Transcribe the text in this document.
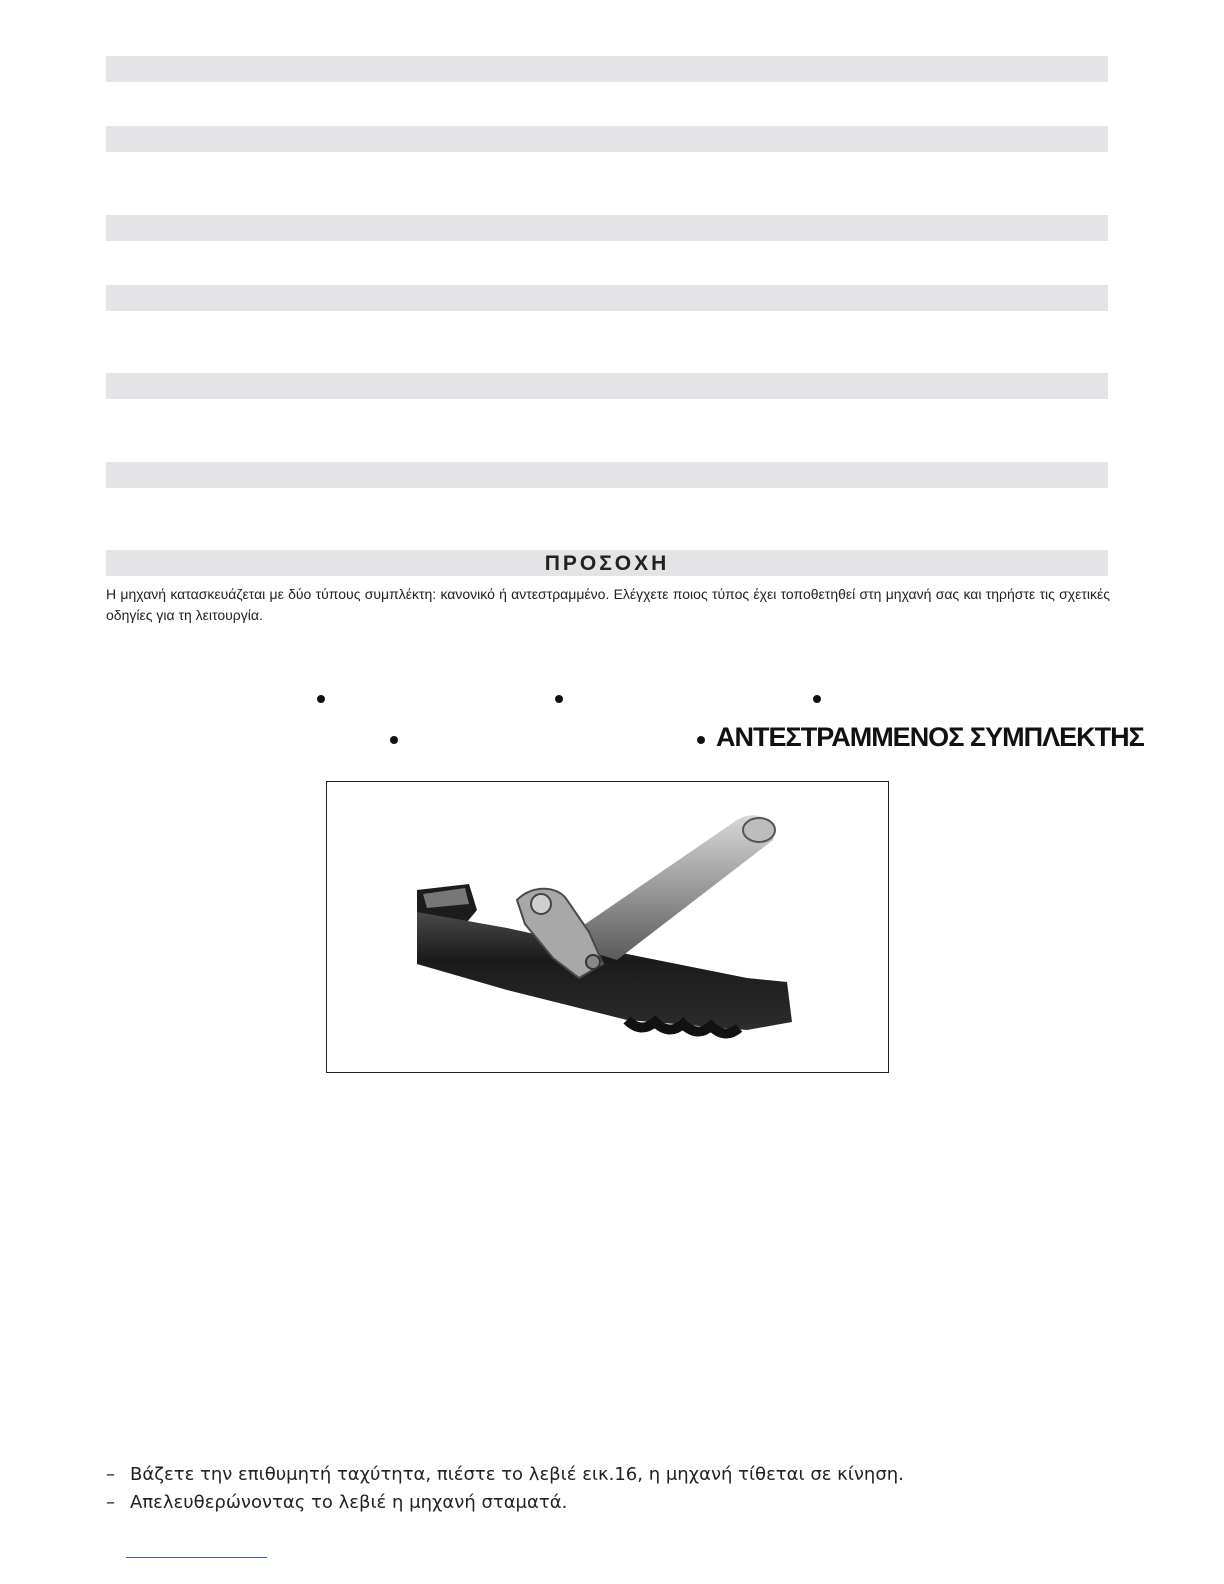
ΠΡΟΣΟΧΗ

Η μηχανή κατασκευάζεται με δύο τύπους συμπλέκτη: κανονικό ή αντεστραμμένο. Ελέγχετε ποιος τύπος έχει τοποθετηθεί στη μηχανή σας και τηρήστε τις σχετικές οδηγίες για τη λειτουργία.

ΑΝΤΕΣΤΡΑΜΜΕΝΟΣ ΣΥΜΠΛΕΚΤΗΣ
– Βάζετε την επιθυμητή ταχύτητα, πιέστε το λεβιέ εικ.16, η μηχανή τίθεται σε κίνηση.
– Απελευθερώνοντας το λεβιέ η μηχανή σταματά.
